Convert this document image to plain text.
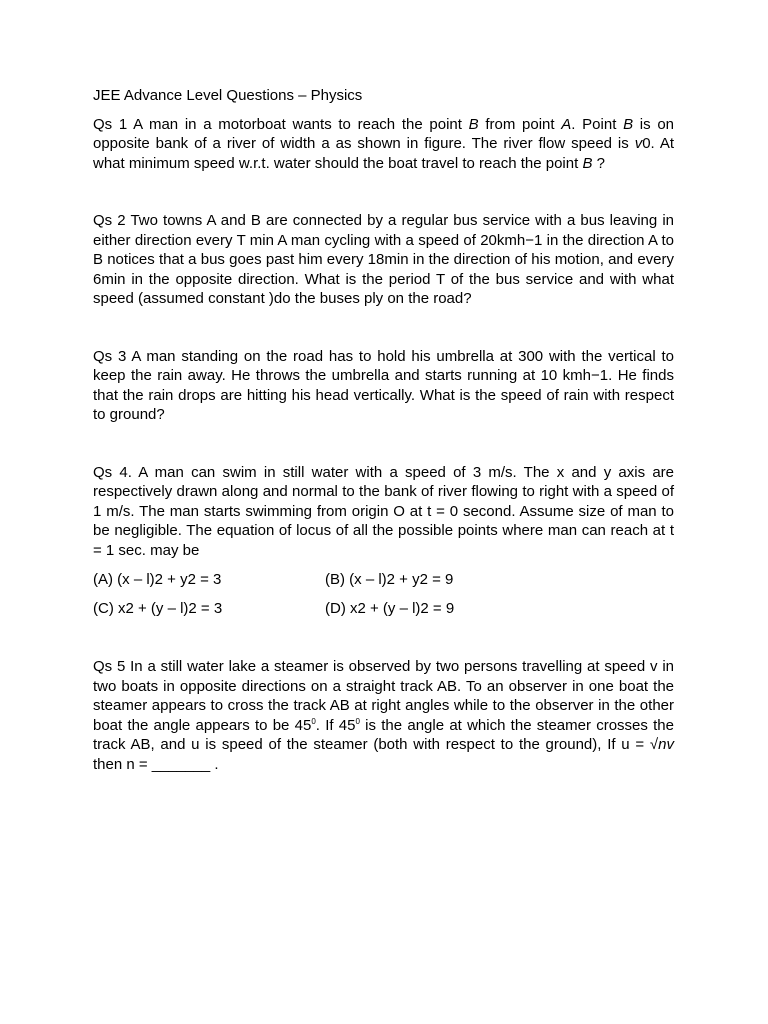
JEE Advance Level Questions – Physics

Qs 1 A man in a motorboat wants to reach the point B from point A. Point B is on opposite bank of a river of width a as shown in figure. The river flow speed is v0. At what minimum speed w.r.t. water should the boat travel to reach the point B ?

Qs 2 Two towns A and B are connected by a regular bus service with a bus leaving in either direction every T min A man cycling with a speed of 20kmh−1 in the direction A to B notices that a bus goes past him every 18min in the direction of his motion, and every 6min in the opposite direction. What is the period T of the bus service and with what speed (assumed constant )do the buses ply on the road?

Qs 3 A man standing on the road has to hold his umbrella at 300 with the vertical to keep the rain away. He throws the umbrella and starts running at 10 kmh−1. He finds that the rain drops are hitting his head vertically. What is the speed of rain with respect to ground?

Qs 4. A man can swim in still water with a speed of 3 m/s. The x and y axis are respectively drawn along and normal to the bank of river flowing to right with a speed of 1 m/s. The man starts swimming from origin O at t = 0 second. Assume size of man to be negligible. The equation of locus of all the possible points where man can reach at t = 1 sec. may be

(A) (x – l)2 + y2 = 3	(B) (x – l)2 + y2 = 9
(C) x2 + (y – l)2 = 3	(D) x2 + (y – l)2 = 9

Qs 5 In a still water lake a steamer is observed by two persons travelling at speed v in two boats in opposite directions on a straight track AB. To an observer in one boat the steamer appears to cross the track AB at right angles while to the observer in the other boat the angle appears to be $45^0$. If $45^0$ is the angle at which the steamer crosses the track AB, and u is speed of the steamer (both with respect to the ground), If u = √nv then n = _______ .
